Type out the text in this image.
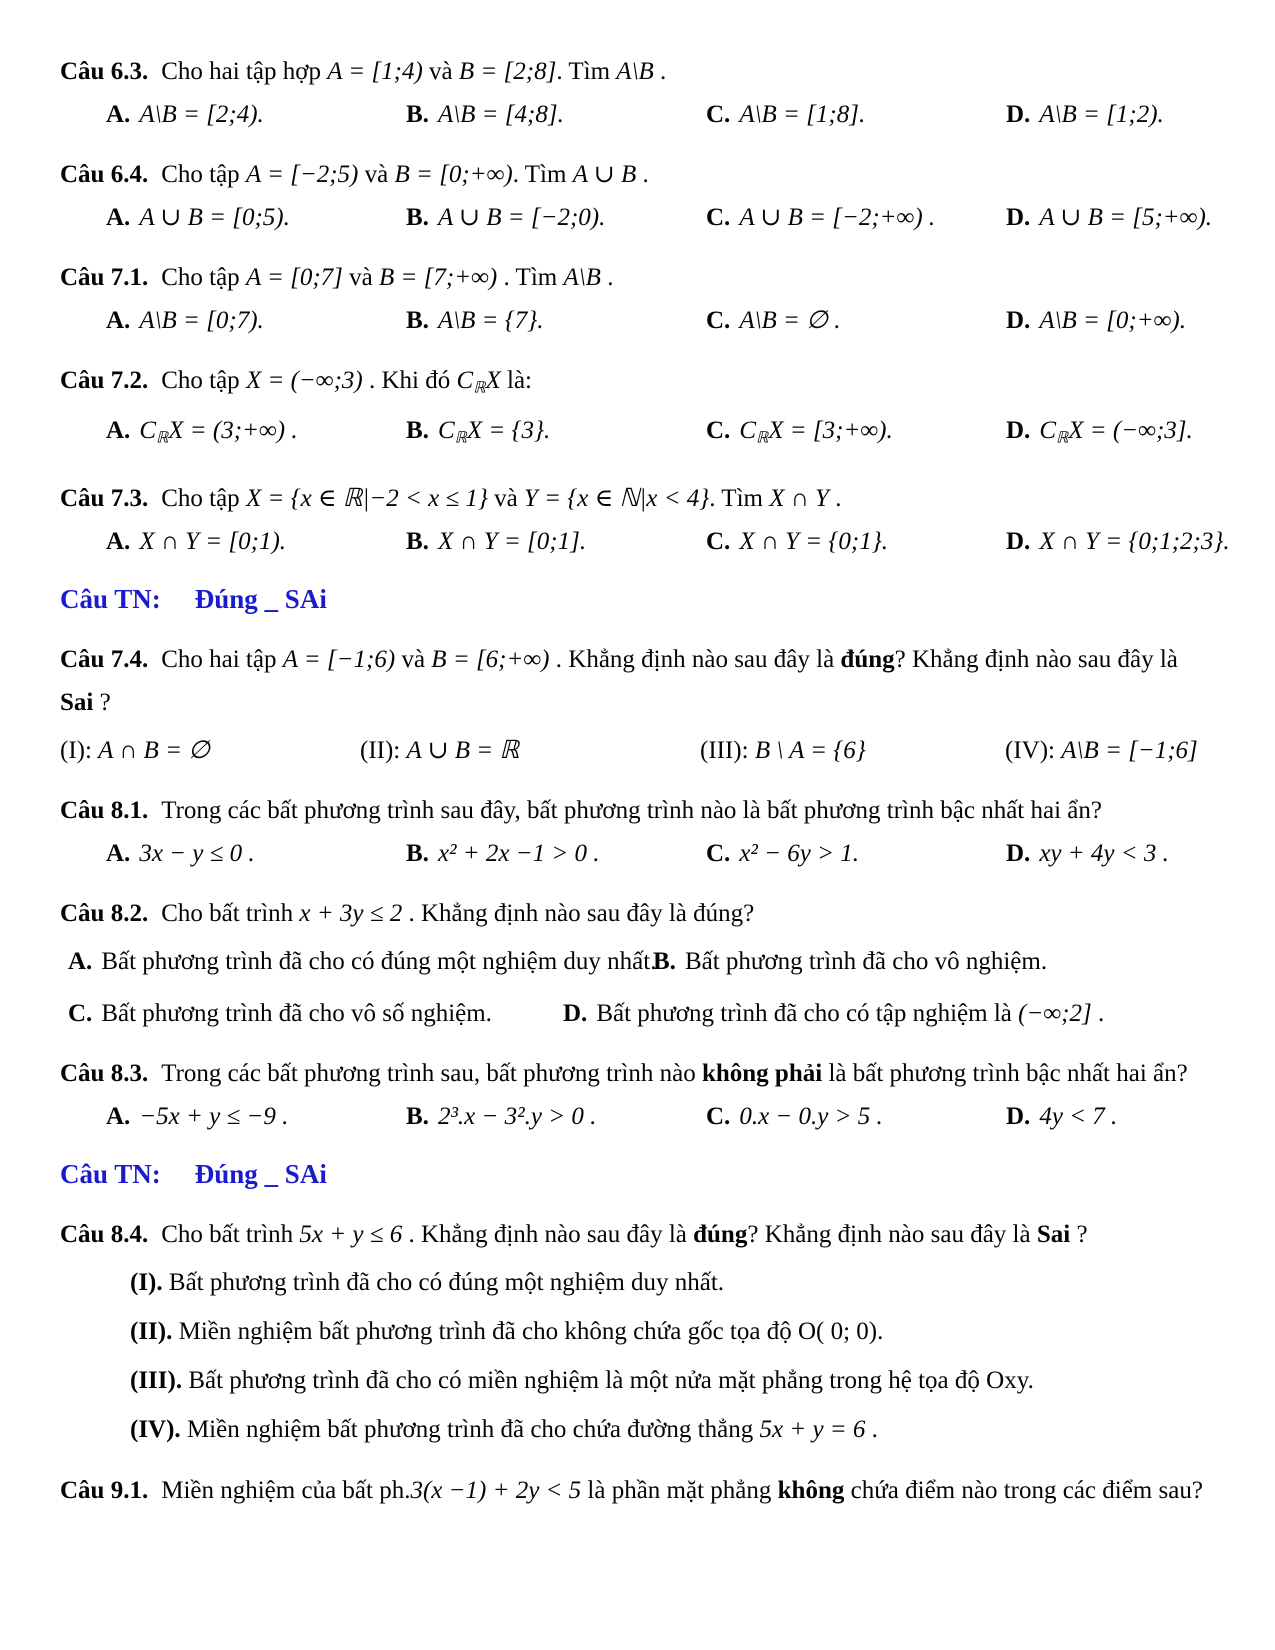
Câu 6.3. Cho hai tập hợp A = [1;4) và B = [2;8]. Tìm A\B .

A. A\B = [2;4).	B. A\B = [4;8].	C. A\B = [1;8].	D. A\B = [1;2).

Câu 6.4. Cho tập A = [−2;5) và B = [0;+∞). Tìm A ∪ B .

A. A ∪ B = [0;5).	B. A ∪ B = [−2;0).	C. A ∪ B = [−2;+∞) .	D. A ∪ B = [5;+∞).

Câu 7.1. Cho tập A = [0;7] và B = [7;+∞) . Tìm A\B .

A. A\B = [0;7).	B. A\B = {7}.	C. A\B = ∅ .	D. A\B = [0;+∞).

Câu 7.2. Cho tập X = (−∞;3) . Khi đó $C_ℝX$ là:

A. $C_ℝX$ = (3;+∞) .	B. $C_ℝX = \{3\}$.	C. $C_ℝX$ = [3;+∞).	D. $C_ℝX$ = (−∞;3].

Câu 7.3. Cho tập X = {x ∈ ℝ|−2 < x ≤ 1} và Y = {x ∈ ℕ|x < 4}. Tìm X ∩ Y .

A. X ∩ Y = [0;1).	B. X ∩ Y = [0;1].	C. X ∩ Y = {0;1}.	D. X ∩ Y = {0;1;2;3}.
Câu TN: Đúng _ SAi

Câu 7.4. Cho hai tập A = [−1;6) và B = [6;+∞) . Khẳng định nào sau đây là đúng? Khẳng định nào sau đây là Sai ?

(I): A ∩ B = ∅	(II): A ∪ B = ℝ	(III): B \ A = {6}	(IV): A\B = [−1;6]

Câu 8.1. Trong các bất phương trình sau đây, bất phương trình nào là bất phương trình bậc nhất hai ẩn?

A. 3x − y ≤ 0 .	B. x² + 2x −1 > 0 .	C. x² − 6y > 1.	D. xy + 4y < 3 .

Câu 8.2. Cho bất trình x + 3y ≤ 2 . Khẳng định nào sau đây là đúng?

A. Bất phương trình đã cho có đúng một nghiệm duy nhất.
B. Bất phương trình đã cho vô nghiệm.
C. Bất phương trình đã cho vô số nghiệm.	D. Bất phương trình đã cho có tập nghiệm là (−∞;2] .

Câu 8.3. Trong các bất phương trình sau, bất phương trình nào không phải là bất phương trình bậc nhất hai ẩn?

A. −5x + y ≤ −9 .	B. 2³.x − 3².y > 0 .	C. 0.x − 0.y > 5 .	D. 4y < 7 .
Câu TN: Đúng _ SAi

Câu 8.4. Cho bất trình 5x + y ≤ 6 . Khẳng định nào sau đây là đúng? Khẳng định nào sau đây là Sai ?

(I). Bất phương trình đã cho có đúng một nghiệm duy nhất.

(II). Miền nghiệm bất phương trình đã cho không chứa gốc tọa độ O( 0; 0).

(III). Bất phương trình đã cho có miền nghiệm là một nửa mặt phẳng trong hệ tọa độ Oxy.

(IV). Miền nghiệm bất phương trình đã cho chứa đường thẳng 5x + y = 6 .

Câu 9.1. Miền nghiệm của bất ph.3(x −1) + 2y < 5 là phần mặt phẳng không chứa điểm nào trong các điểm sau?
